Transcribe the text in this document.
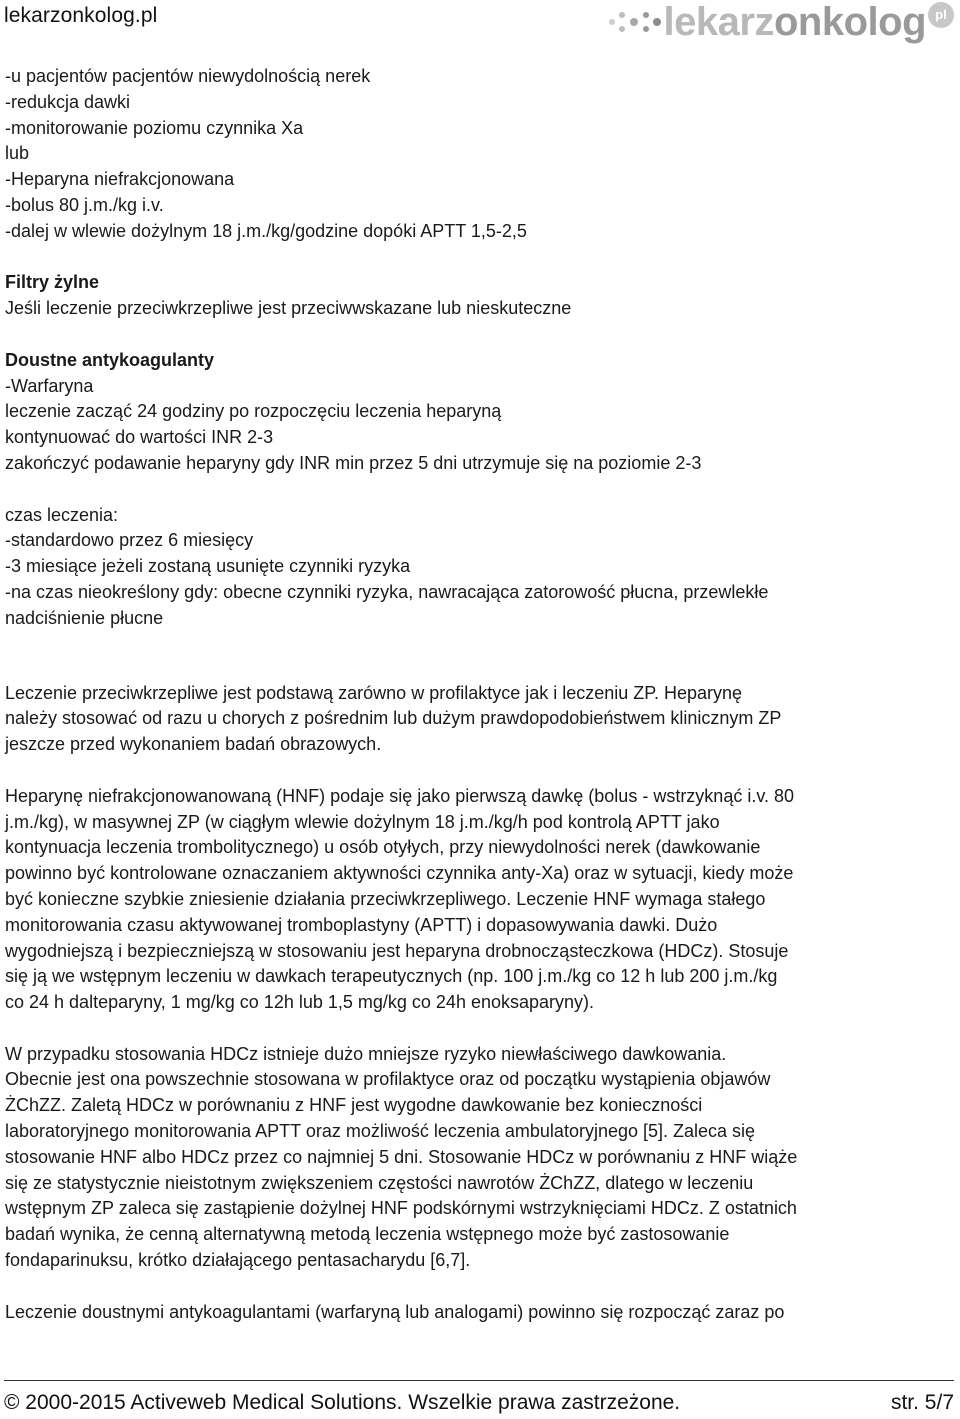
lekarzonkolog.pl	lekarzonkolog pl
-u pacjentów pacjentów niewydolnością nerek
-redukcja dawki
-monitorowanie poziomu czynnika Xa
lub
-Heparyna niefrakcjonowana
-bolus 80 j.m./kg i.v.
-dalej w wlewie dożylnym 18 j.m./kg/godzine dopóki APTT 1,5-2,5
Filtry żylne
Jeśli leczenie przeciwkrzepliwe jest przeciwwskazane lub nieskuteczne
Doustne antykoagulanty
-Warfaryna
leczenie zacząć 24 godziny po rozpoczęciu leczenia heparyną
kontynuować do wartości INR 2-3
zakończyć podawanie heparyny gdy INR min przez 5 dni utrzymuje się na poziomie 2-3
czas leczenia:
-standardowo przez 6 miesięcy
-3 miesiące jeżeli zostaną usunięte czynniki ryzyka
-na czas nieokreślony gdy: obecne czynniki ryzyka, nawracająca zatorowość płucna, przewlekłe
nadciśnienie płucne
Leczenie przeciwkrzepliwe jest podstawą zarówno w profilaktyce jak i leczeniu ZP. Heparynę
należy stosować od razu u chorych z pośrednim lub dużym prawdopodobieństwem klinicznym ZP
jeszcze przed wykonaniem badań obrazowych.
Heparynę niefrakcjonowanowaną (HNF) podaje się jako pierwszą dawkę (bolus - wstrzyknąć i.v. 80
j.m./kg), w masywnej ZP (w ciągłym wlewie dożylnym 18 j.m./kg/h pod kontrolą APTT jako
kontynuacja leczenia trombolitycznego) u osób otyłych, przy niewydolności nerek (dawkowanie
powinno być kontrolowane oznaczaniem aktywności czynnika anty-Xa) oraz w sytuacji, kiedy może
być konieczne szybkie zniesienie działania przeciwkrzepliwego. Leczenie HNF wymaga stałego
monitorowania czasu aktywowanej tromboplastyny (APTT) i dopasowywania dawki. Dużo
wygodniejszą i bezpieczniejszą w stosowaniu jest heparyna drobnocząsteczkowa (HDCz). Stosuje
się ją we wstępnym leczeniu w dawkach terapeutycznych (np. 100 j.m./kg co 12 h lub 200 j.m./kg
co 24 h dalteparyny, 1 mg/kg co 12h lub 1,5 mg/kg co 24h enoksaparyny).
W przypadku stosowania HDCz istnieje dużo mniejsze ryzyko niewłaściwego dawkowania.
Obecnie jest ona powszechnie stosowana w profilaktyce oraz od początku wystąpienia objawów
ŻChZZ. Zaletą HDCz w porównaniu z HNF jest wygodne dawkowanie bez konieczności
laboratoryjnego monitorowania APTT oraz możliwość leczenia ambulatoryjnego [5]. Zaleca się
stosowanie HNF albo HDCz przez co najmniej 5 dni. Stosowanie HDCz w porównaniu z HNF wiąże
się ze statystycznie nieistotnym zwiększeniem częstości nawrotów ŻChZZ, dlatego w leczeniu
wstępnym ZP zaleca się zastąpienie dożylnej HNF podskórnymi wstrzyknięciami HDCz. Z ostatnich
badań wynika, że cenną alternatywną metodą leczenia wstępnego może być zastosowanie
fondaparinuksu, krótko działającego pentasacharydu [6,7].
Leczenie doustnymi antykoagulantami (warfaryną lub analogami) powinno się rozpocząć zaraz po
© 2000-2015 Activeweb Medical Solutions. Wszelkie prawa zastrzeżone.	str. 5/7
